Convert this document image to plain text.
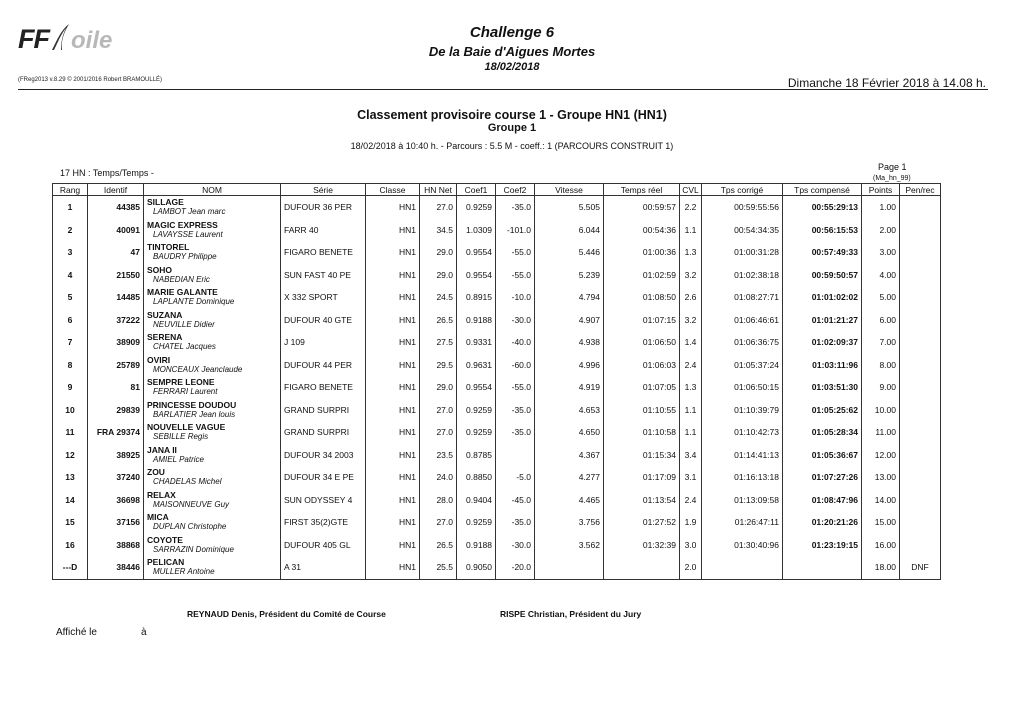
FF oile
(FReg2013 v.8.29 © 2001/2016 Robert BRAMOULLÉ)
Challenge 6
De la Baie d'Aigues Mortes
18/02/2018
Dimanche 18 Février 2018 à 14.08 h.
Classement provisoire course 1 - Groupe HN1 (HN1)
Groupe 1
18/02/2018 à 10:40 h. - Parcours : 5.5 M - coeff.: 1 (PARCOURS CONSTRUIT 1)
17 HN : Temps/Temps -
Page 1
(Ma_hn_99)
Rang	Identif	NOM	Série	Classe	HN Net	Coef1	Coef2	Vitesse	Temps réel	CVL	Tps corrigé	Tps compensé	Points	Pen/rec
1	44385	SILLAGE
LAMBOT Jean marc	DUFOUR 36 PER	HN1	27.0	0.9259	-35.0	5.505	00:59:57	2.2	00:59:55:56	00:55:29:13	1.00	
2	40091	MAGIC EXPRESS
LAVAYSSE Laurent	FARR 40	HN1	34.5	1.0309	-101.0	6.044	00:54:36	1.1	00:54:34:35	00:56:15:53	2.00	
3	47	TINTOREL
BAUDRY Philippe	FIGARO BENETE	HN1	29.0	0.9554	-55.0	5.446	01:00:36	1.3	01:00:31:28	00:57:49:33	3.00	
4	21550	SOHO
NABEDIAN Eric	SUN FAST 40 PE	HN1	29.0	0.9554	-55.0	5.239	01:02:59	3.2	01:02:38:18	00:59:50:57	4.00	
5	14485	MARIE GALANTE
LAPLANTE Dominique	X 332 SPORT	HN1	24.5	0.8915	-10.0	4.794	01:08:50	2.6	01:08:27:71	01:01:02:02	5.00	
6	37222	SUZANA
NEUVILLE Didier	DUFOUR 40 GTE	HN1	26.5	0.9188	-30.0	4.907	01:07:15	3.2	01:06:46:61	01:01:21:27	6.00	
7	38909	SERENA
CHATEL Jacques	J 109	HN1	27.5	0.9331	-40.0	4.938	01:06:50	1.4	01:06:36:75	01:02:09:37	7.00	
8	25789	OVIRI
MONCEAUX Jeanclaude	DUFOUR 44 PER	HN1	29.5	0.9631	-60.0	4.996	01:06:03	2.4	01:05:37:24	01:03:11:96	8.00	
9	81	SEMPRE LEONE
FERRARI Laurent	FIGARO BENETE	HN1	29.0	0.9554	-55.0	4.919	01:07:05	1.3	01:06:50:15	01:03:51:30	9.00	
10	29839	PRINCESSE DOUDOU
BARLATIER Jean louis	GRAND SURPRI	HN1	27.0	0.9259	-35.0	4.653	01:10:55	1.1	01:10:39:79	01:05:25:62	10.00	
11	FRA 29374	NOUVELLE VAGUE
SEBILLE Regis	GRAND SURPRI	HN1	27.0	0.9259	-35.0	4.650	01:10:58	1.1	01:10:42:73	01:05:28:34	11.00	
12	38925	JANA II
AMIEL Patrice	DUFOUR 34 2003	HN1	23.5	0.8785		4.367	01:15:34	3.4	01:14:41:13	01:05:36:67	12.00	
13	37240	ZOU
CHADELAS Michel	DUFOUR 34 E PE	HN1	24.0	0.8850	-5.0	4.277	01:17:09	3.1	01:16:13:18	01:07:27:26	13.00	
14	36698	RELAX
MAISONNEUVE Guy	SUN ODYSSEY 4	HN1	28.0	0.9404	-45.0	4.465	01:13:54	2.4	01:13:09:58	01:08:47:96	14.00	
15	37156	MICA
DUPLAN Christophe	FIRST 35(2)GTE	HN1	27.0	0.9259	-35.0	3.756	01:27:52	1.9	01:26:47:11	01:20:21:26	15.00	
16	38868	COYOTE
SARRAZIN Dominique	DUFOUR 405 GL	HN1	26.5	0.9188	-30.0	3.562	01:32:39	3.0	01:30:40:96	01:23:19:15	16.00	
---D	38446	PELICAN
MULLER Antoine	A 31	HN1	25.5	0.9050	-20.0			2.0			18.00	DNF
REYNAUD Denis, Président du Comité de Course	RISPE Christian, Président du Jury
Affiché le	à
